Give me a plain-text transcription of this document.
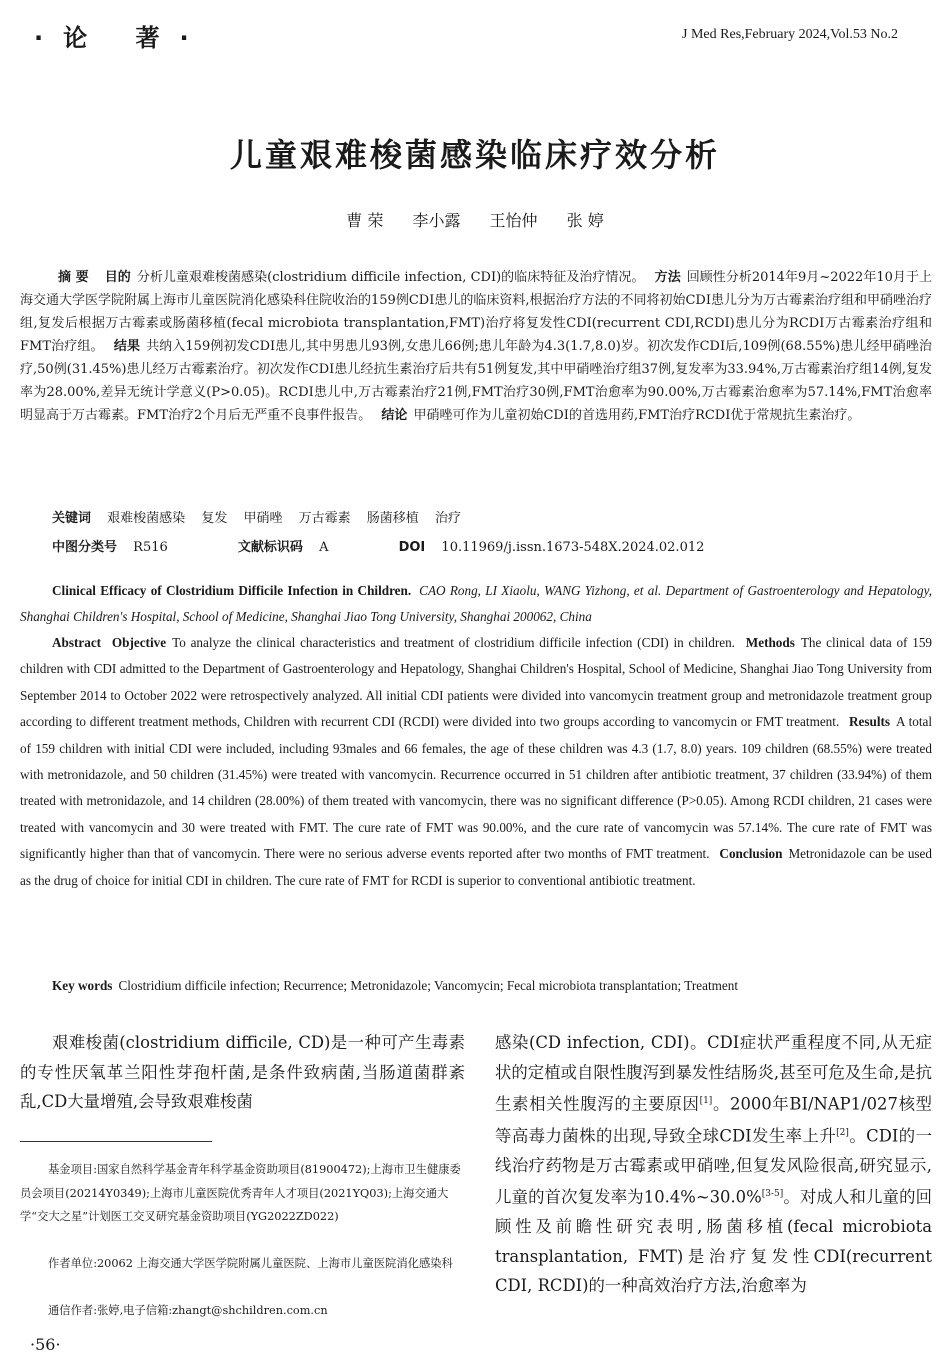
·论 著·	J Med Res,February 2024,Vol.53 No.2
儿童艰难梭菌感染临床疗效分析
曹 荣 李小露 王怡仲 张 婷
摘 要 目的 分析儿童艰难梭菌感染(clostridium difficile infection, CDI)的临床特征及治疗情况。 方法 回顾性分析2014年9月~2022年10月于上海交通大学医学院附属上海市儿童医院消化感染科住院收治的159例CDI患儿的临床资料,根据治疗方法的不同将初始CDI患儿分为万古霉素治疗组和甲硝唑治疗组,复发后根据万古霉素或肠菌移植(fecal microbiota transplantation,FMT)治疗将复发性CDI(recurrent CDI,RCDI)患儿分为RCDI万古霉素治疗组和FMT治疗组。 结果 共纳入159例初发CDI患儿,其中男患儿93例,女患儿66例;患儿年龄为4.3(1.7,8.0)岁。初次发作CDI后,109例(68.55%)患儿经甲硝唑治疗,50例(31.45%)患儿经万古霉素治疗。初次发作CDI患儿经抗生素治疗后共有51例复发,其中甲硝唑治疗组37例,复发率为33.94%,万古霉素治疗组14例,复发率为28.00%,差异无统计学意义(P>0.05)。RCDI患儿中,万古霉素治疗21例,FMT治疗30例,FMT治愈率为90.00%,万古霉素治愈率为57.14%,FMT治愈率明显高于万古霉素。FMT治疗2个月后无严重不良事件报告。 结论 甲硝唑可作为儿童初始CDI的首选用药,FMT治疗RCDI优于常规抗生素治疗。
关键词 艰难梭菌感染 复发 甲硝唑 万古霉素 肠菌移植 治疗
中图分类号 R516	文献标识码 A	DOI 10.11969/j.issn.1673-548X.2024.02.012
Clinical Efficacy of Clostridium Difficile Infection in Children. CAO Rong, LI Xiaolu, WANG Yizhong, et al. Department of Gastroenterology and Hepatology, Shanghai Children's Hospital, School of Medicine, Shanghai Jiao Tong University, Shanghai 200062, China
Abstract Objective To analyze the clinical characteristics and treatment of clostridium difficile infection (CDI) in children. Methods The clinical data of 159 children with CDI admitted to the Department of Gastroenterology and Hepatology, Shanghai Children's Hospital, School of Medicine, Shanghai Jiao Tong University from September 2014 to October 2022 were retrospectively analyzed. All initial CDI patients were divided into vancomycin treatment group and metronidazole treatment group according to different treatment methods, Children with recurrent CDI (RCDI) were divided into two groups according to vancomycin or FMT treatment. Results A total of 159 children with initial CDI were included, including 93males and 66 females, the age of these children was 4.3 (1.7, 8.0) years. 109 children (68.55%) were treated with metronidazole, and 50 children (31.45%) were treated with vancomycin. Recurrence occurred in 51 children after antibiotic treatment, 37 children (33.94%) of them treated with metronidazole, and 14 children (28.00%) of them treated with vancomycin, there was no significant difference (P>0.05). Among RCDI children, 21 cases were treated with vancomycin and 30 were treated with FMT. The cure rate of FMT was 90.00%, and the cure rate of vancomycin was 57.14%. The cure rate of FMT was significantly higher than that of vancomycin. There were no serious adverse events reported after two months of FMT treatment. Conclusion Metronidazole can be used as the drug of choice for initial CDI in children. The cure rate of FMT for RCDI is superior to conventional antibiotic treatment.
Key words Clostridium difficile infection; Recurrence; Metronidazole; Vancomycin; Fecal microbiota transplantation; Treatment
艰难梭菌(clostridium difficile, CD)是一种可产生毒素的专性厌氧革兰阳性芽孢杆菌,是条件致病菌,当肠道菌群紊乱,CD大量增殖,会导致艰难梭菌
感染(CD infection, CDI)。CDI症状严重程度不同,从无症状的定植或自限性腹泻到暴发性结肠炎,甚至可危及生命,是抗生素相关性腹泻的主要原因[1]。2000年BI/NAP1/027核型等高毒力菌株的出现,导致全球CDI发生率上升[2]。CDI的一线治疗药物是万古霉素或甲硝唑,但复发风险很高,研究显示,儿童的首次复发率为10.4%~30.0%[3-5]。对成人和儿童的回顾性及前瞻性研究表明,肠菌移植(fecal microbiota transplantation, FMT)是治疗复发性CDI(recurrent CDI, RCDI)的一种高效治疗方法,治愈率为
基金项目:国家自然科学基金青年科学基金资助项目(81900472);上海市卫生健康委员会项目(20214Y0349);上海市儿童医院优秀青年人才项目(2021YQ03);上海交通大学“交大之星”计划医工交叉研究基金资助项目(YG2022ZD022)
作者单位:20062 上海交通大学医学院附属儿童医院、上海市儿童医院消化感染科
通信作者:张婷,电子信箱:zhangt@shchildren.com.cn
·56·
